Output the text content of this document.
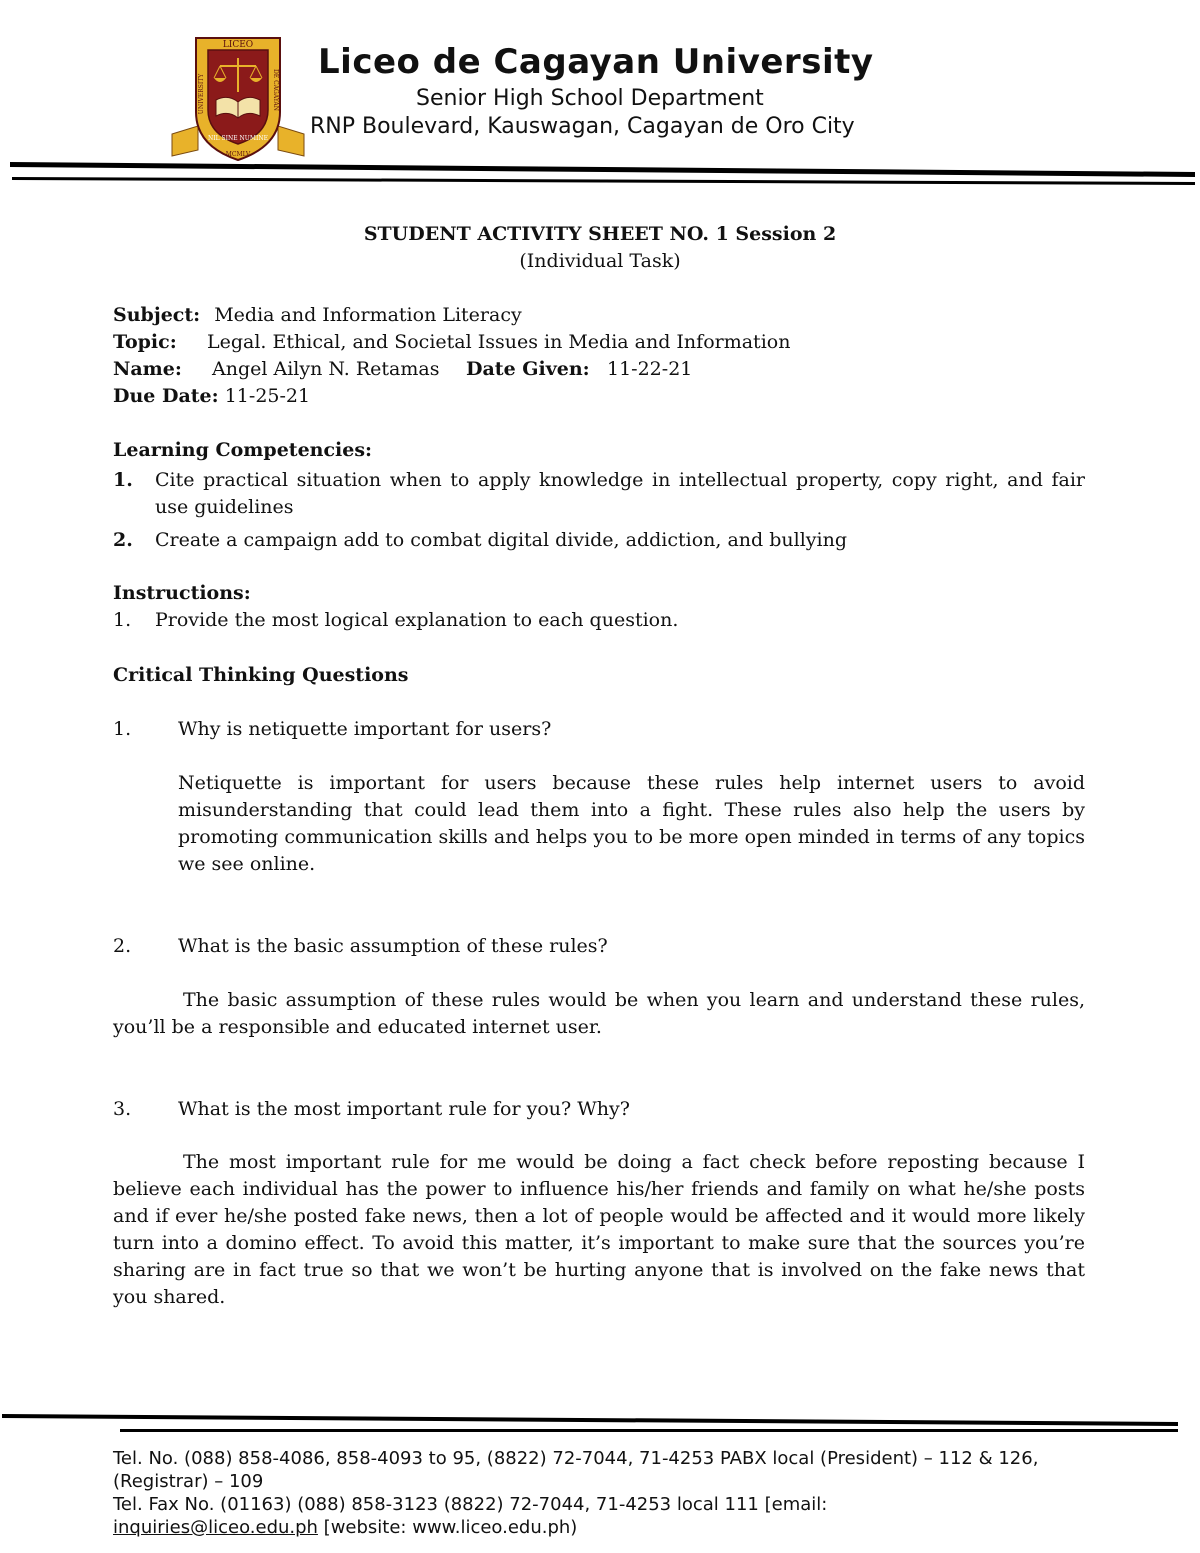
LICEO
UNIVERSITY	DE CAGAYAN
NIL SINE NUMINE
MCMLV
Liceo de Cagayan University
Senior High School Department
RNP Boulevard, Kauswagan, Cagayan de Oro City
STUDENT ACTIVITY SHEET NO. 1 Session 2
(Individual Task)
Subject: Media and Information Literacy
Topic: Legal. Ethical, and Societal Issues in Media and Information
Name: Angel Ailyn N. Retamas Date Given: 11-22-21
Due Date: 11-25-21
Learning Competencies:
1. Cite practical situation when to apply knowledge in intellectual property, copy right, and fair use guidelines
2. Create a campaign add to combat digital divide, addiction, and bullying
Instructions:
1. Provide the most logical explanation to each question.
Critical Thinking Questions
1. Why is netiquette important for users?
Netiquette is important for users because these rules help internet users to avoid misunderstanding that could lead them into a fight. These rules also help the users by promoting communication skills and helps you to be more open minded in terms of any topics we see online.
2. What is the basic assumption of these rules?
The basic assumption of these rules would be when you learn and understand these rules, you’ll be a responsible and educated internet user.
3. What is the most important rule for you? Why?
The most important rule for me would be doing a fact check before reposting because I believe each individual has the power to influence his/her friends and family on what he/she posts and if ever he/she posted fake news, then a lot of people would be affected and it would more likely turn into a domino effect. To avoid this matter, it’s important to make sure that the sources you’re sharing are in fact true so that we won’t be hurting anyone that is involved on the fake news that you shared.
Tel. No. (088) 858-4086, 858-4093 to 95, (8822) 72-7044, 71-4253 PABX local (President) – 112 & 126, (Registrar) – 109
Tel. Fax No. (01163) (088) 858-3123 (8822) 72-7044, 71-4253 local 111 [email:
inquiries@liceo.edu.ph [website: www.liceo.edu.ph)
